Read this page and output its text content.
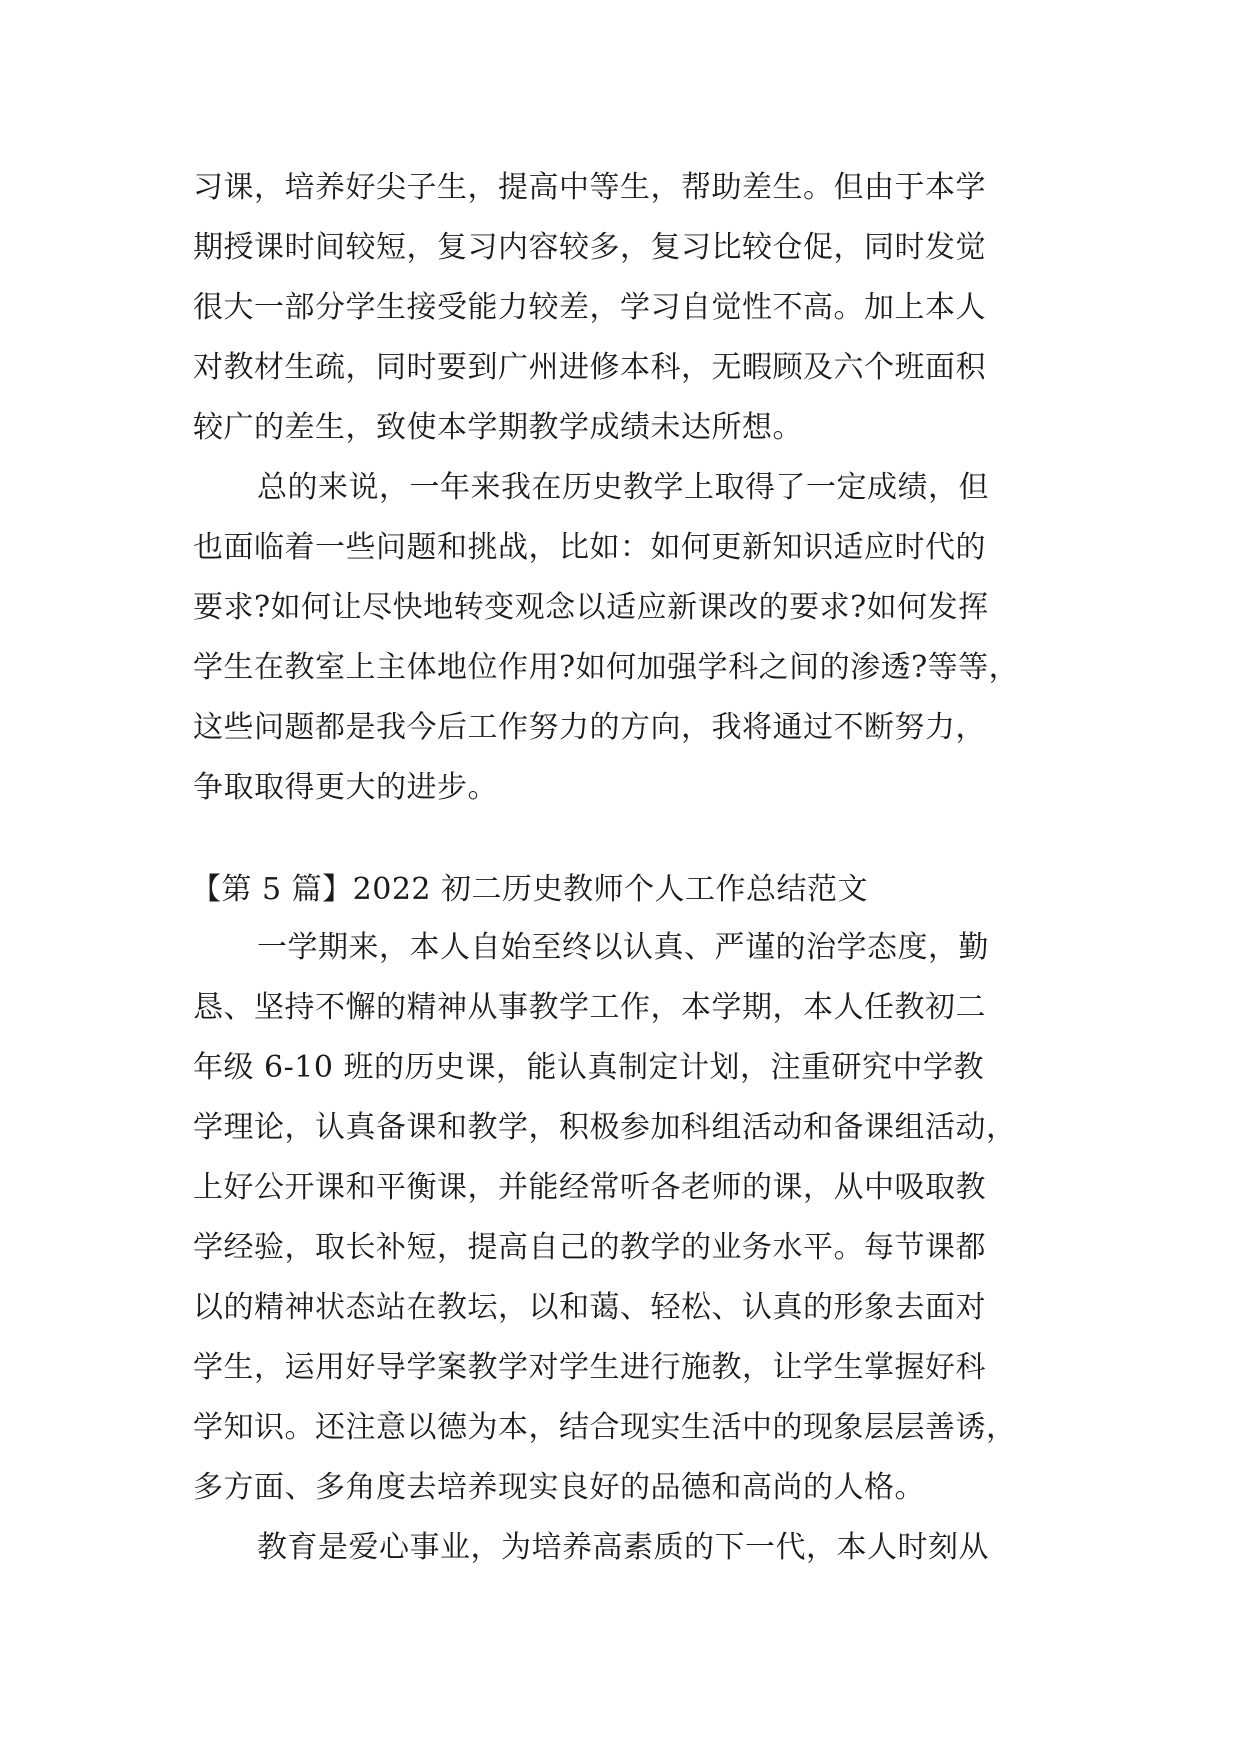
习课，培养好尖子生，提高中等生，帮助差生。但由于本学
期授课时间较短，复习内容较多，复习比较仓促，同时发觉
很大一部分学生接受能力较差，学习自觉性不高。加上本人
对教材生疏，同时要到广州进修本科，无暇顾及六个班面积
较广的差生，致使本学期教学成绩未达所想。
总的来说，一年来我在历史教学上取得了一定成绩，但
也面临着一些问题和挑战，比如：如何更新知识适应时代的
要求?如何让尽快地转变观念以适应新课改的要求?如何发挥
学生在教室上主体地位作用?如何加强学科之间的渗透?等等，
这些问题都是我今后工作努力的方向，我将通过不断努力，
争取取得更大的进步。
【第 5 篇】2022 初二历史教师个人工作总结范文
一学期来，本人自始至终以认真、严谨的治学态度，勤
恳、坚持不懈的精神从事教学工作，本学期，本人任教初二
年级 6-10 班的历史课，能认真制定计划，注重研究中学教
学理论，认真备课和教学，积极参加科组活动和备课组活动，
上好公开课和平衡课，并能经常听各老师的课，从中吸取教
学经验，取长补短，提高自己的教学的业务水平。每节课都
以的精神状态站在教坛，以和蔼、轻松、认真的形象去面对
学生，运用好导学案教学对学生进行施教，让学生掌握好科
学知识。还注意以德为本，结合现实生活中的现象层层善诱，
多方面、多角度去培养现实良好的品德和高尚的人格。
教育是爱心事业，为培养高素质的下一代，本人时刻从
